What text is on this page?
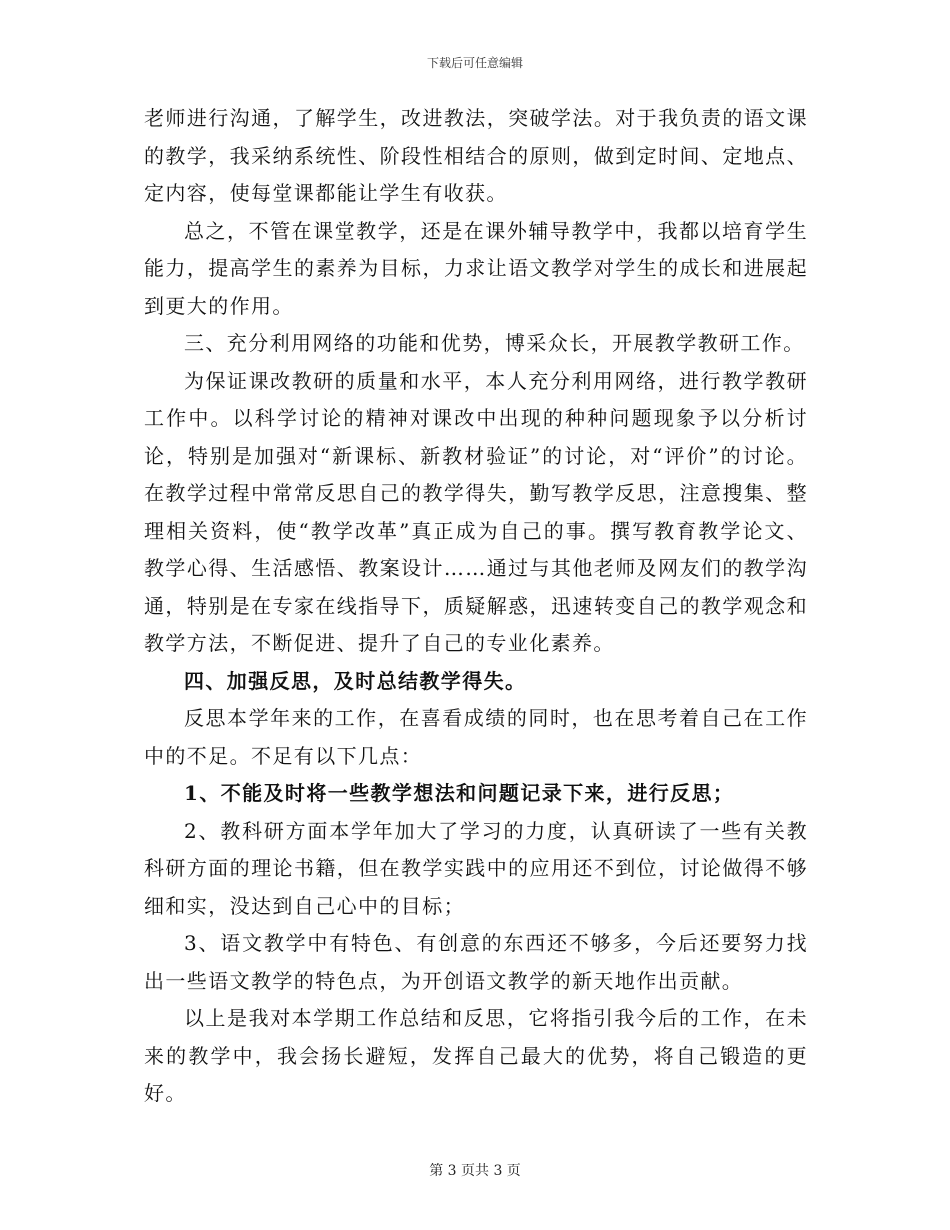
下载后可任意编辑

老师进行沟通，了解学生，改进教法，突破学法。对于我负责的语文课的教学，我采纳系统性、阶段性相结合的原则，做到定时间、定地点、定内容，使每堂课都能让学生有收获。

总之，不管在课堂教学，还是在课外辅导教学中，我都以培育学生能力，提高学生的素养为目标，力求让语文教学对学生的成长和进展起到更大的作用。

三、充分利用网络的功能和优势，博采众长，开展教学教研工作。

为保证课改教研的质量和水平，本人充分利用网络，进行教学教研工作中。以科学讨论的精神对课改中出现的种种问题现象予以分析讨论，特别是加强对“新课标、新教材验证”的讨论，对“评价”的讨论。在教学过程中常常反思自己的教学得失，勤写教学反思，注意搜集、整理相关资料，使“教学改革”真正成为自己的事。撰写教育教学论文、教学心得、生活感悟、教案设计……通过与其他老师及网友们的教学沟通，特别是在专家在线指导下，质疑解惑，迅速转变自己的教学观念和教学方法，不断促进、提升了自己的专业化素养。

四、加强反思，及时总结教学得失。

反思本学年来的工作，在喜看成绩的同时，也在思考着自己在工作中的不足。不足有以下几点：

1、不能及时将一些教学想法和问题记录下来，进行反思；

2、教科研方面本学年加大了学习的力度，认真研读了一些有关教科研方面的理论书籍，但在教学实践中的应用还不到位，讨论做得不够细和实，没达到自己心中的目标；

3、语文教学中有特色、有创意的东西还不够多，今后还要努力找出一些语文教学的特色点，为开创语文教学的新天地作出贡献。

以上是我对本学期工作总结和反思，它将指引我今后的工作，在未来的教学中，我会扬长避短，发挥自己最大的优势，将自己锻造的更好。

第 3 页共 3 页
